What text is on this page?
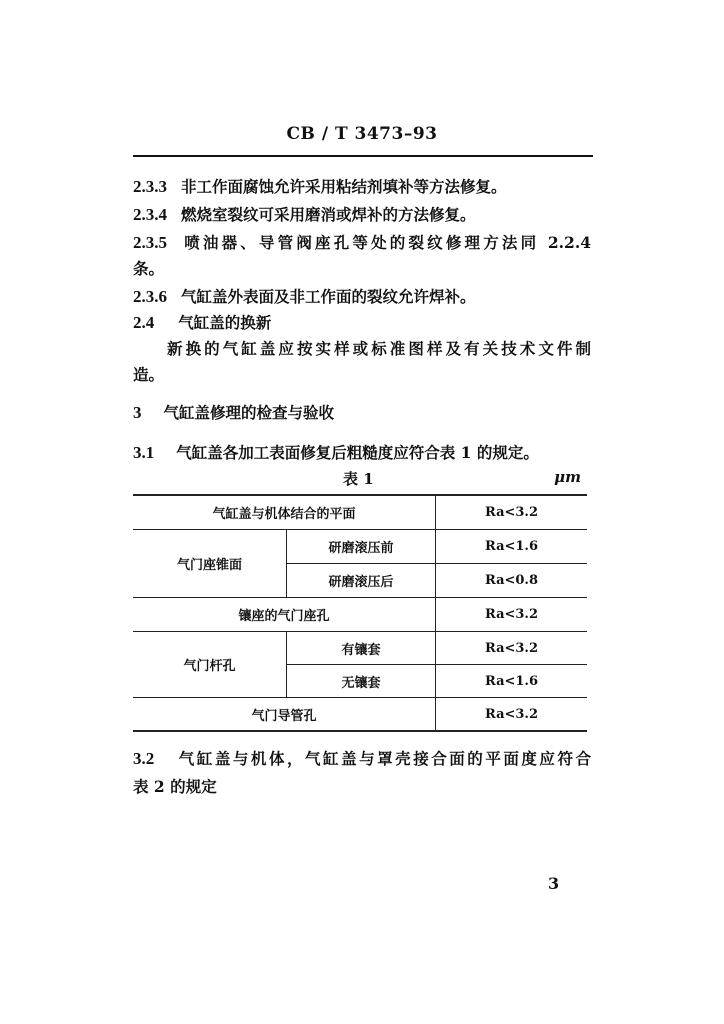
CB / T 3473–93
2.3.3 非工作面腐蚀允许采用粘结剂填补等方法修复。
2.3.4 燃烧室裂纹可采用磨消或焊补的方法修复。
2.3.5 喷油器、导管阀座孔等处的裂纹修理方法同 2.2.4
条。
2.3.6 气缸盖外表面及非工作面的裂纹允许焊补。
2.4 气缸盖的换新
新换的气缸盖应按实样或标准图样及有关技术文件制
造。
3 气缸盖修理的检查与验收
3.1 气缸盖各加工表面修复后粗糙度应符合表 1 的规定。
表 1	μm
气缸盖与机体结合的平面	Ra<3.2
气门座锥面
研磨滚压前	Ra<1.6
研磨滚压后	Ra<0.8
镶座的气门座孔	Ra<3.2
气门杆孔
有镶套	Ra<3.2
无镶套	Ra<1.6
气门导管孔	Ra<3.2
3.2 气缸盖与机体，气缸盖与罩壳接合面的平面度应符合
表 2 的规定
3
